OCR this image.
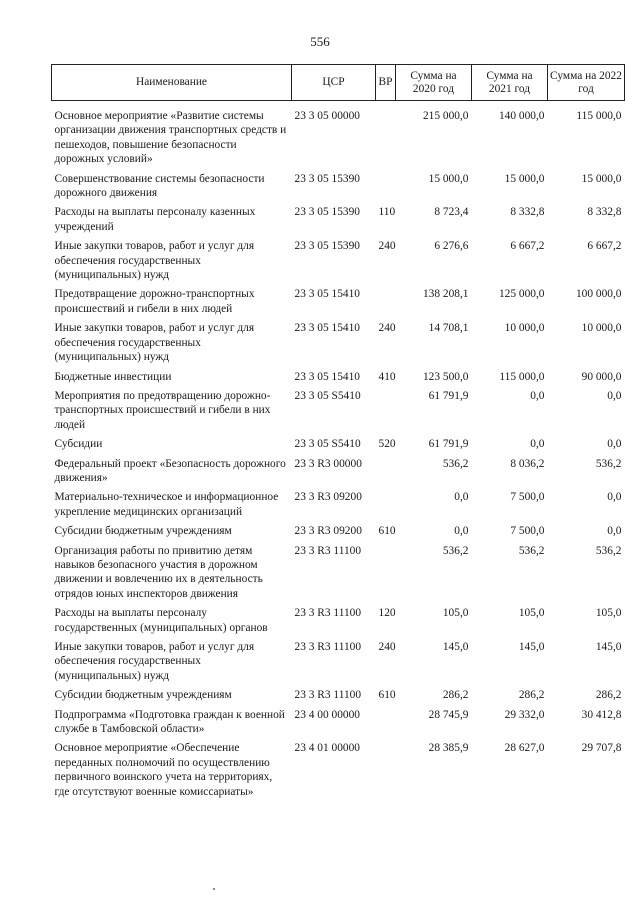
556
Наименование	ЦСР	ВР	Сумма на 2020 год	Сумма на 2021 год	Сумма на 2022 год

Основное мероприятие «Развитие системы организации движения транспортных средств и пешеходов, повышение безопасности дорожных условий»	23 3 05 00000		215 000,0	140 000,0	115 000,0
Совершенствование системы безопасности дорожного движения	23 3 05 15390		15 000,0	15 000,0	15 000,0
Расходы на выплаты персоналу казенных учреждений	23 3 05 15390	110	8 723,4	8 332,8	8 332,8
Иные закупки товаров, работ и услуг для обеспечения государственных (муниципальных) нужд	23 3 05 15390	240	6 276,6	6 667,2	6 667,2
Предотвращение дорожно-транспортных происшествий и гибели в них людей	23 3 05 15410		138 208,1	125 000,0	100 000,0
Иные закупки товаров, работ и услуг для обеспечения государственных (муниципальных) нужд	23 3 05 15410	240	14 708,1	10 000,0	10 000,0
Бюджетные инвестиции	23 3 05 15410	410	123 500,0	115 000,0	90 000,0
Мероприятия по предотвращению дорожно-транспортных происшествий и гибели в них людей	23 3 05 S5410		61 791,9	0,0	0,0
Субсидии	23 3 05 S5410	520	61 791,9	0,0	0,0
Федеральный проект «Безопасность дорожного движения»	23 3 R3 00000		536,2	8 036,2	536,2
Материально-техническое и информационное укрепление медицинских организаций	23 3 R3 09200		0,0	7 500,0	0,0
Субсидии бюджетным учреждениям	23 3 R3 09200	610	0,0	7 500,0	0,0
Организация работы по привитию детям навыков безопасного участия в дорожном движении и вовлечению их в деятельность отрядов юных инспекторов движения	23 3 R3 11100		536,2	536,2	536,2
Расходы на выплаты персоналу государственных (муниципальных) органов	23 3 R3 11100	120	105,0	105,0	105,0
Иные закупки товаров, работ и услуг для обеспечения государственных (муниципальных) нужд	23 3 R3 11100	240	145,0	145,0	145,0
Субсидии бюджетным учреждениям	23 3 R3 11100	610	286,2	286,2	286,2
Подпрограмма «Подготовка граждан к военной службе в Тамбовской области»	23 4 00 00000		28 745,9	29 332,0	30 412,8
Основное мероприятие «Обеспечение переданных полномочий по осуществлению первичного воинского учета на территориях, где отсутствуют военные комиссариаты»	23 4 01 00000		28 385,9	28 627,0	29 707,8
